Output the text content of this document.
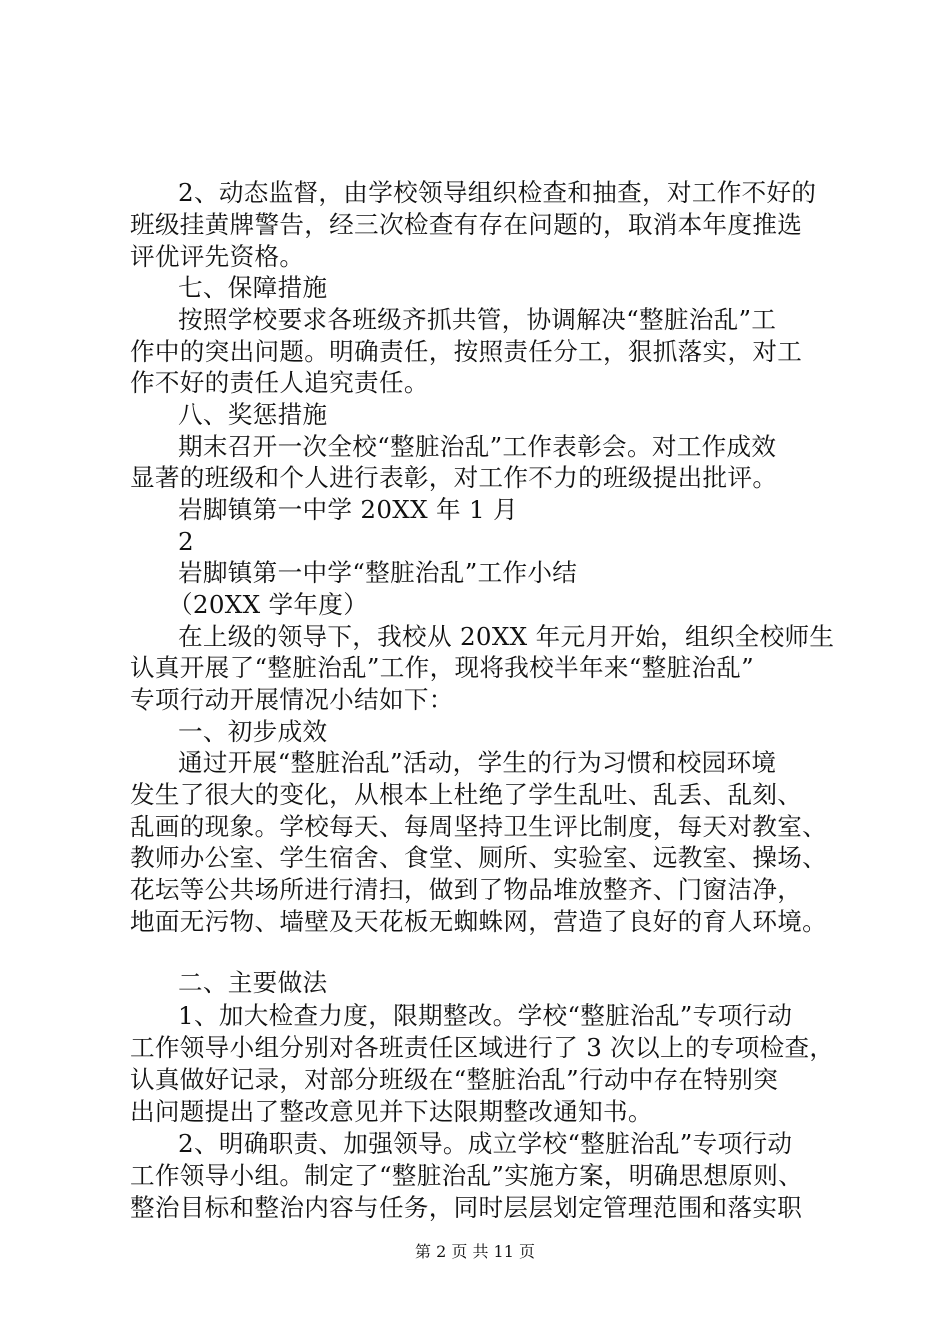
2、动态监督，由学校领导组织检查和抽查，对工作不好的
班级挂黄牌警告，经三次检查有存在问题的，取消本年度推选
评优评先资格。
七、保障措施
按照学校要求各班级齐抓共管，协调解决“整脏治乱”工
作中的突出问题。明确责任，按照责任分工，狠抓落实，对工
作不好的责任人追究责任。
八、奖惩措施
期末召开一次全校“整脏治乱”工作表彰会。对工作成效
显著的班级和个人进行表彰，对工作不力的班级提出批评。
岩脚镇第一中学 20XX 年 1 月
2
岩脚镇第一中学“整脏治乱”工作小结
（20XX 学年度）
在上级的领导下，我校从 20XX 年元月开始，组织全校师生
认真开展了“整脏治乱”工作，现将我校半年来“整脏治乱”
专项行动开展情况小结如下：
一、初步成效
通过开展“整脏治乱”活动，学生的行为习惯和校园环境
发生了很大的变化，从根本上杜绝了学生乱吐、乱丢、乱刻、
乱画的现象。学校每天、每周坚持卫生评比制度，每天对教室、
教师办公室、学生宿舍、食堂、厕所、实验室、远教室、操场、
花坛等公共场所进行清扫，做到了物品堆放整齐、门窗洁净，
地面无污物、墙壁及天花板无蜘蛛网，营造了良好的育人环境。
二、主要做法
1、加大检查力度，限期整改。学校“整脏治乱”专项行动
工作领导小组分别对各班责任区域进行了 3 次以上的专项检查，
认真做好记录，对部分班级在“整脏治乱”行动中存在特别突
出问题提出了整改意见并下达限期整改通知书。
2、明确职责、加强领导。成立学校“整脏治乱”专项行动
工作领导小组。制定了“整脏治乱”实施方案，明确思想原则、
整治目标和整治内容与任务，同时层层划定管理范围和落实职
第 2 页 共 11 页
